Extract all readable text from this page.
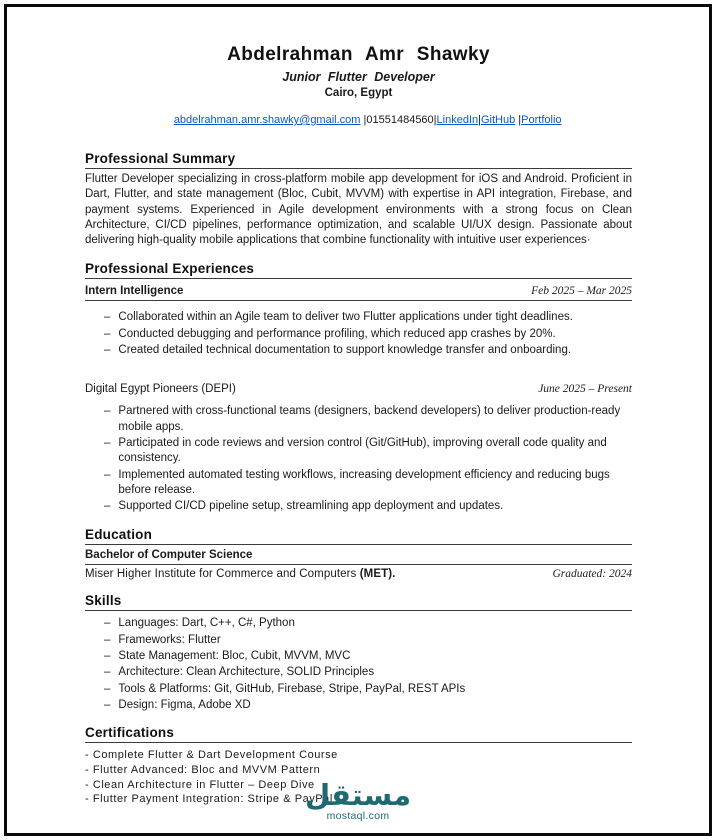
Abdelrahman Amr Shawky
Junior Flutter Developer
Cairo, Egypt

abdelrahman.amr.shawky@gmail.com |01551484560|LinkedIn|GitHub |Portfolio

Professional Summary

Flutter Developer specializing in cross-platform mobile app development for iOS and Android. Proficient in Dart, Flutter, and state management (Bloc, Cubit, MVVM) with expertise in API integration, Firebase, and payment systems. Experienced in Agile development environments with a strong focus on Clean Architecture, CI/CD pipelines, performance optimization, and scalable UI/UX design. Passionate about delivering high-quality mobile applications that combine functionality with intuitive user experiences·

Professional Experiences
Intern Intelligence	Feb 2025 – Mar 2025
– Collaborated within an Agile team to deliver two Flutter applications under tight deadlines.
– Conducted debugging and performance profiling, which reduced app crashes by 20%.
– Created detailed technical documentation to support knowledge transfer and onboarding.
Digital Egypt Pioneers (DEPI)	June 2025 – Present
– Partnered with cross-functional teams (designers, backend developers) to deliver production-ready mobile apps.
– Participated in code reviews and version control (Git/GitHub), improving overall code quality and consistency.
– Implemented automated testing workflows, increasing development efficiency and reducing bugs before release.
– Supported CI/CD pipeline setup, streamlining app deployment and updates.
Education
Bachelor of Computer Science
Miser Higher Institute for Commerce and Computers (MET).	Graduated: 2024
Skills
– Languages: Dart, C++, C#, Python
– Frameworks: Flutter
– State Management: Bloc, Cubit, MVVM, MVC
– Architecture: Clean Architecture, SOLID Principles
– Tools & Platforms: Git, GitHub, Firebase, Stripe, PayPal, REST APIs
– Design: Figma, Adobe XD
Certifications
- Complete Flutter & Dart Development Course
- Flutter Advanced: Bloc and MVVM Pattern
- Clean Architecture in Flutter – Deep Dive
- Flutter Payment Integration: Stripe & PayPal
مستقل
mostaql.com
